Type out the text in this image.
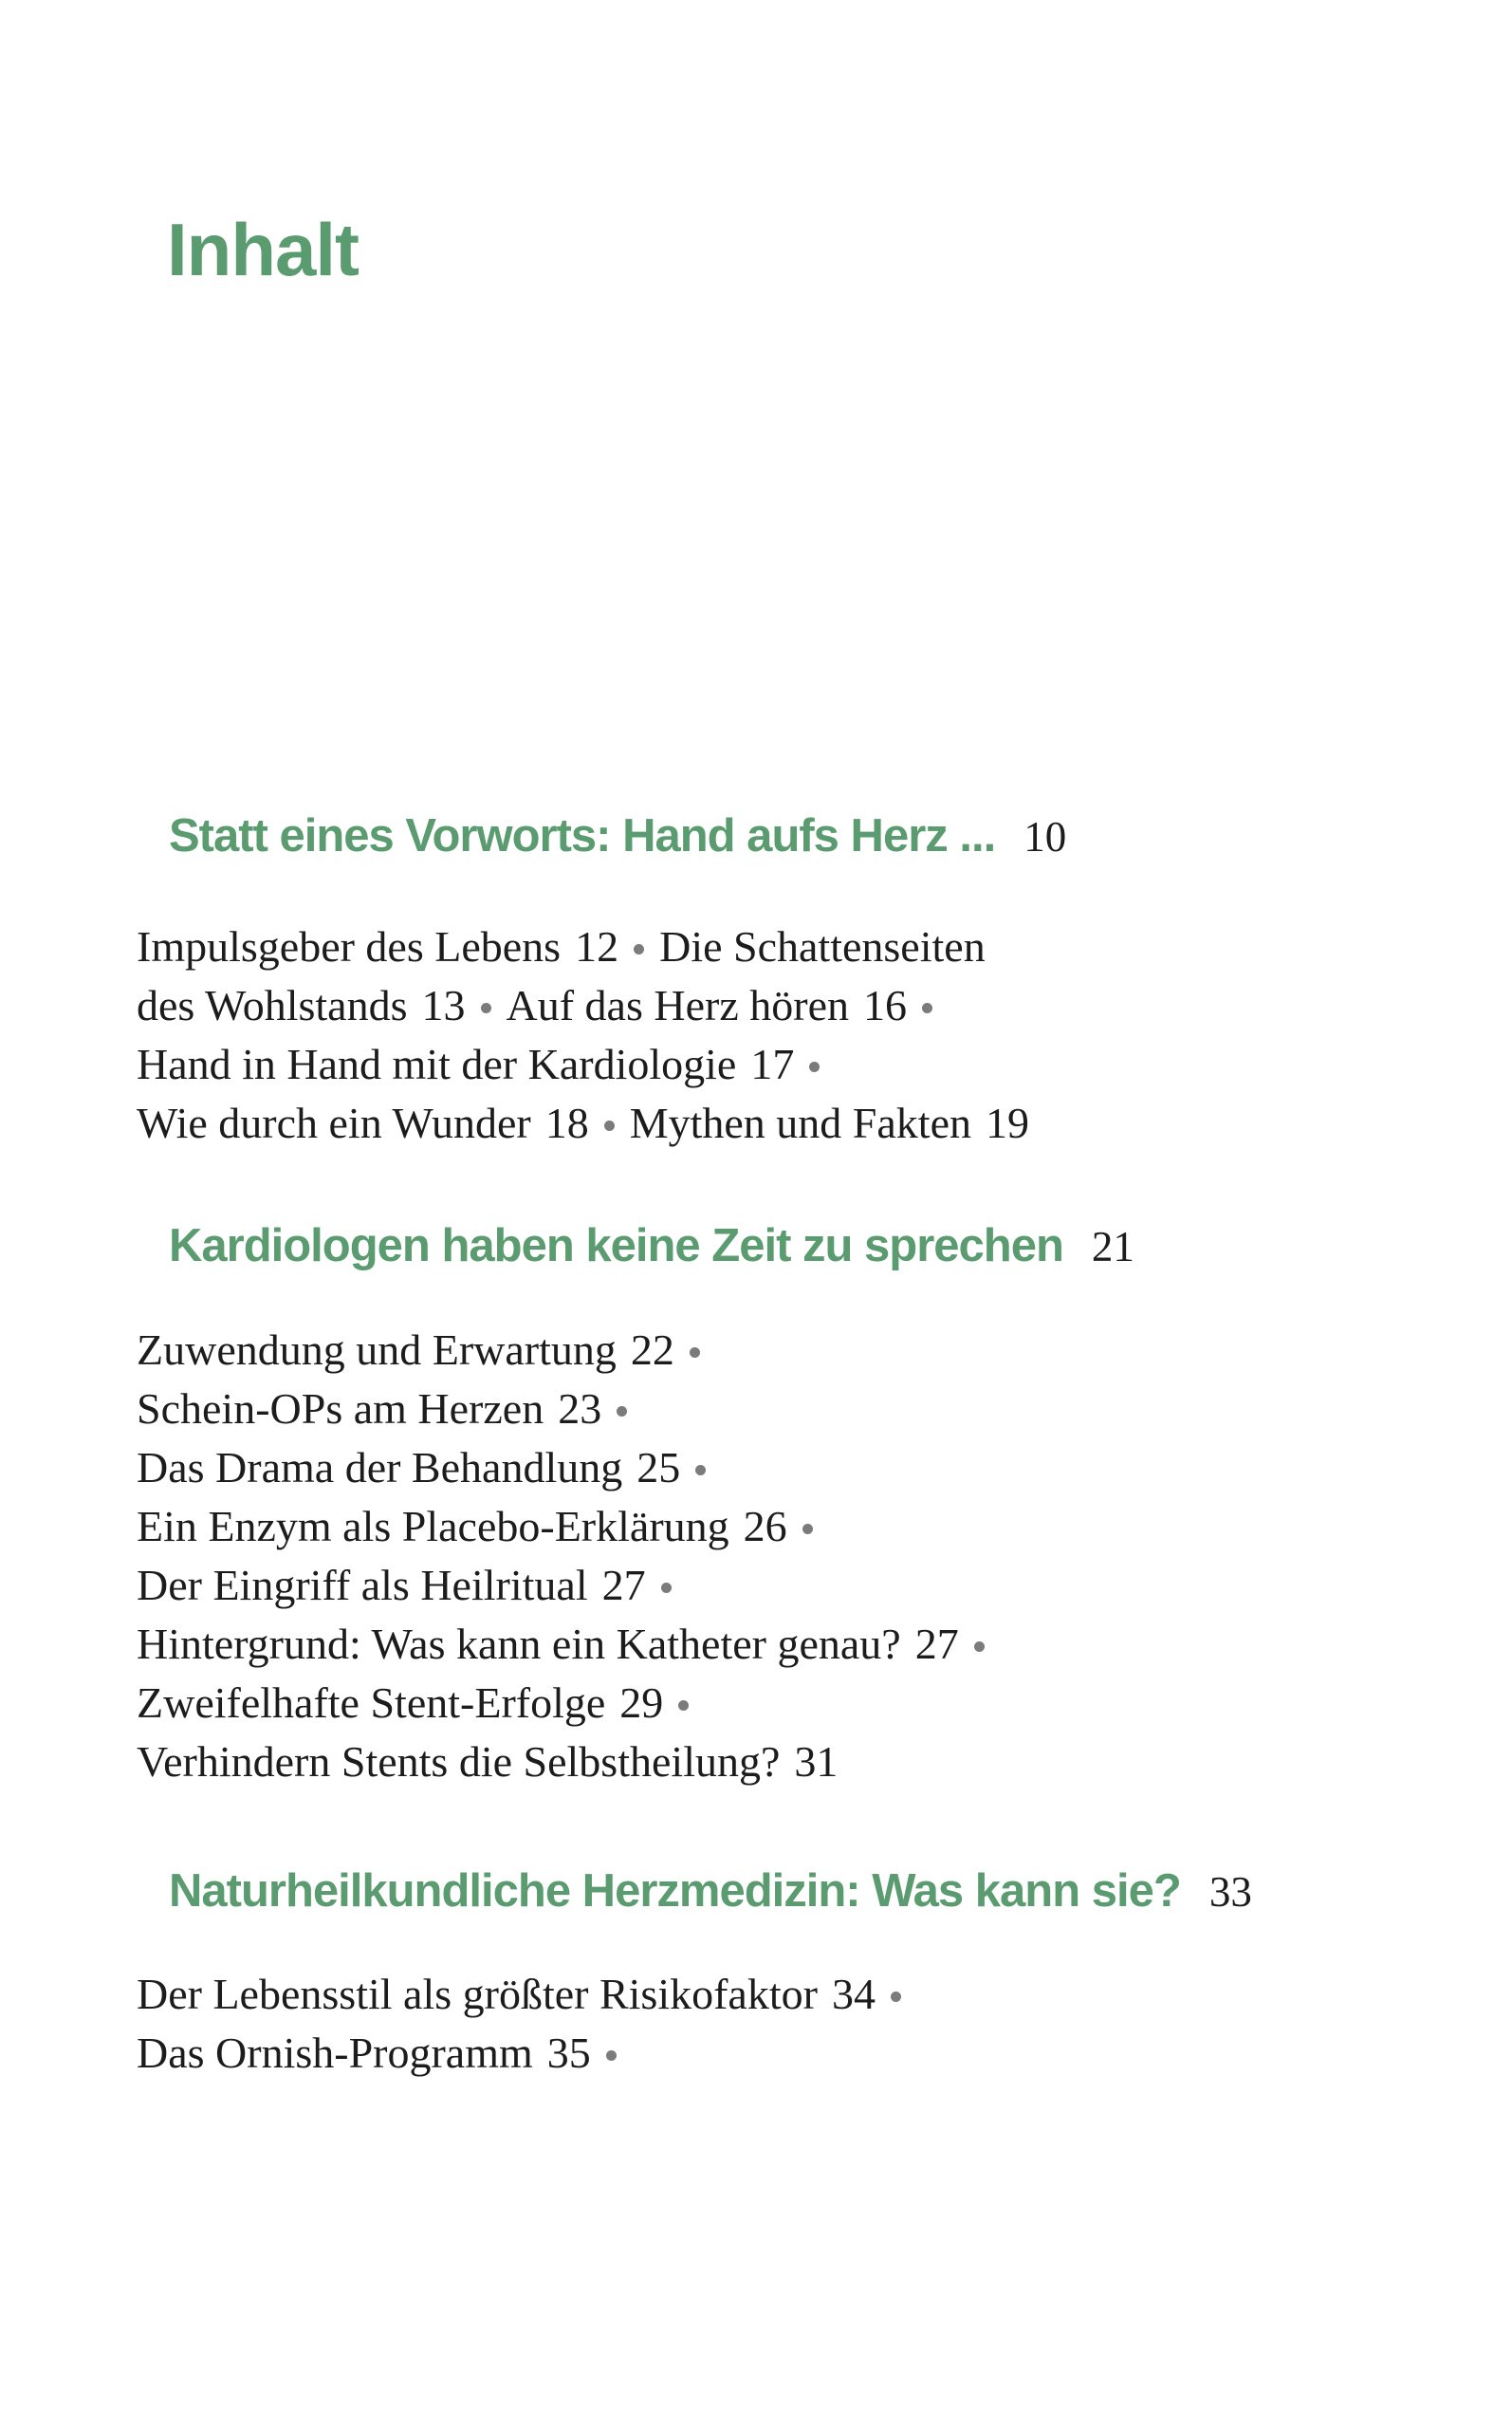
Inhalt
Statt eines Vorworts: Hand aufs Herz ... 10
Impulsgeber des Lebens 12 Die Schattenseiten
des Wohlstands 13 Auf das Herz hören 16
Hand in Hand mit der Kardiologie 17
Wie durch ein Wunder 18 Mythen und Fakten 19
Kardiologen haben keine Zeit zu sprechen 21
Zuwendung und Erwartung 22
Schein-OPs am Herzen 23
Das Drama der Behandlung 25
Ein Enzym als Placebo-Erklärung 26
Der Eingriff als Heilritual 27
Hintergrund: Was kann ein Katheter genau? 27
Zweifelhafte Stent-Erfolge 29
Verhindern Stents die Selbstheilung? 31
Naturheilkundliche Herzmedizin: Was kann sie? 33
Der Lebensstil als größter Risikofaktor 34
Das Ornish-Programm 35
